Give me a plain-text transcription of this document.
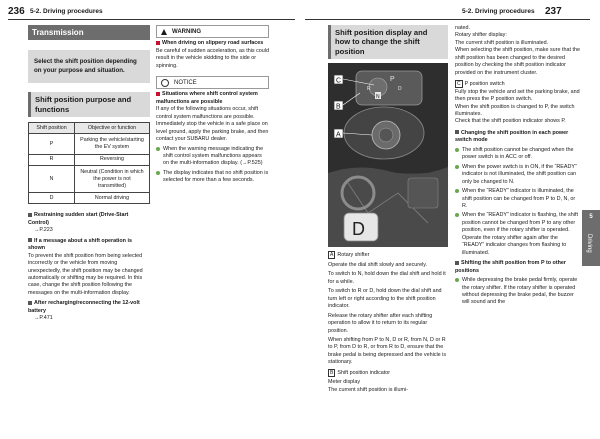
236 5-2. Driving procedures
Transmission
Select the shift position depending on your purpose and situation.
Shift position purpose and functions
Shift position	Objective or function
P	Parking the vehicle/starting the EV system
R	Reversing
N	Neutral (Condition in which the power is not transmitted)
D	Normal driving
Restraining sudden start (Drive-Start Control)
→P.223
If a message about a shift operation is shown

To prevent the shift position from being selected incorrectly or the vehicle from moving unexpectedly, the shift position may be changed automatically or shifting may be required. In this case, change the shift position following the messages on the multi-information display.

After recharging/reconnecting the 12-volt battery
→P.471
WARNING
When driving on slippery road surfaces

Be careful of sudden acceleration, as this could result in the vehicle skidding to the side or spinning.

NOTICE
Situations where shift control system malfunctions are possible

If any of the following situations occur, shift control system malfunctions are possible. Immediately stop the vehicle in a safe place on level ground, apply the parking brake, and then contact your SUBARU dealer.

When the warning message indicating the shift control system malfunctions appears on the multi-information display. (→P.525)
The display indicates that no shift position is selected for more than a few seconds.
5-2. Driving procedures 237
Shift position display and how to change the shift position
P
R
N
D
C
B
A
D
A Rotary shifter

Operate the dial shift slowly and securely.

To switch to N, hold down the dial shift and hold it for a while.

To switch to R or D, hold down the dial shift and turn left or right according to the shift position indicator.

Release the rotary shifter after each shifting operation to allow it to return to its regular position.

When shifting from P to N, D or R, from N, D or R to P, from D to R, or from R to D, ensure that the brake pedal is being depressed and the vehicle is stationary.

B Shift position indicator

Meter display

The current shift position is illumi-

nated.

Rotary shifter display:

The current shift position is illuminated.

When selecting the shift position, make sure that the shift position has been changed to the desired position by checking the shift position indicator provided on the instrument cluster.

C P position switch

Fully stop the vehicle and set the parking brake, and then press the P position switch.

When the shift position is changed to P, the switch illuminates.

Check that the shift position indicator shows P.

Changing the shift position in each power switch mode
The shift position cannot be changed when the power switch is in ACC or off.
When the power switch is in ON, if the “READY” indicator is not illuminated, the shift position can only be changed to N.
When the “READY” indicator is illuminated, the shift position can be changed from P to D, N, or R.
When the “READY” indicator is flashing, the shift position cannot be changed from P to any other position, even if the rotary shifter is operated. Operate the rotary shifter again after the “READY” indicator changes from flashing to illuminated.
Shifting the shift position from P to other positions
While depressing the brake pedal firmly, operate the rotary shifter. If the rotary shifter is operated without depressing the brake pedal, the buzzer will sound and the
5
Driving
